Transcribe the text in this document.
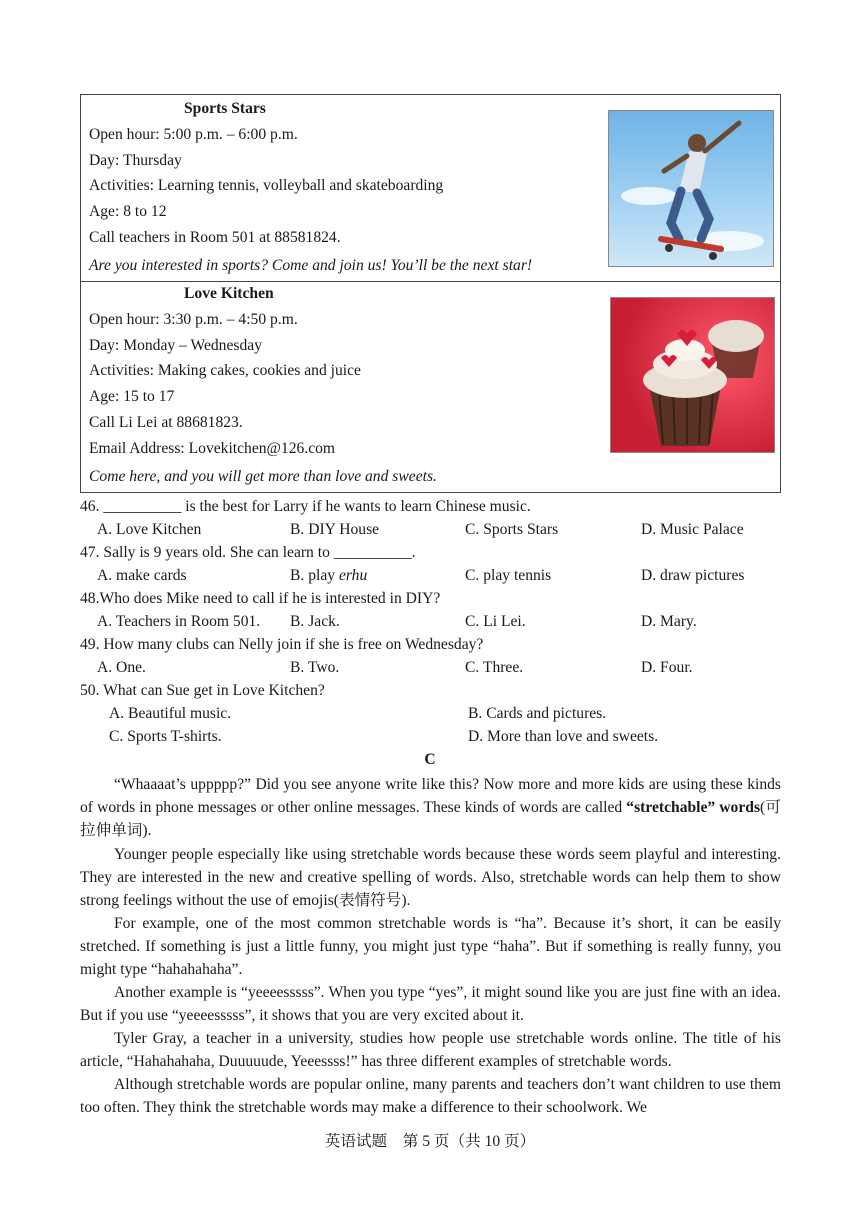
Sports Stars
Open hour: 5:00 p.m. – 6:00 p.m.
Day: Thursday
Activities: Learning tennis, volleyball and skateboarding
Age: 8 to 12
Call teachers in Room 501 at 88581824.
Are you interested in sports? Come and join us! You’ll be the next star!
Love Kitchen
Open hour: 3:30 p.m. – 4:50 p.m.
Day: Monday – Wednesday
Activities: Making cakes, cookies and juice
Age: 15 to 17
Call Li Lei at 88681823.
Email Address: Lovekitchen@126.com
Come here, and you will get more than love and sweets.
46. __________ is the best for Larry if he wants to learn Chinese music.
A. Love Kitchen	B. DIY House	C. Sports Stars	D. Music Palace
47. Sally is 9 years old. She can learn to __________.
A. make cards	B. play erhu	C. play tennis	D. draw pictures
48.Who does Mike need to call if he is interested in DIY?
A. Teachers in Room 501. B. Jack.	C. Li Lei.	D. Mary.
49. How many clubs can Nelly join if she is free on Wednesday?
A. One.	B. Two.	C. Three.	D. Four.
50. What can Sue get in Love Kitchen?
A. Beautiful music.	B. Cards and pictures.
C. Sports T-shirts.	D. More than love and sweets.
C
“Whaaaat’s uppppp?” Did you see anyone write like this? Now more and more kids are using these kinds of words in phone messages or other online messages. These kinds of words are called “stretchable” words(可拉伸单词).
Younger people especially like using stretchable words because these words seem playful and interesting. They are interested in the new and creative spelling of words. Also, stretchable words can help them to show strong feelings without the use of emojis(表情符号).
For example, one of the most common stretchable words is “ha”. Because it’s short, it can be easily stretched. If something is just a little funny, you might just type “haha”. But if something is really funny, you might type “hahahahaha”.
Another example is “yeeeesssss”. When you type “yes”, it might sound like you are just fine with an idea. But if you use “yeeeesssss”, it shows that you are very excited about it.
Tyler Gray, a teacher in a university, studies how people use stretchable words online. The title of his article, “Hahahahaha, Duuuuude, Yeeessss!” has three different examples of stretchable words.
Although stretchable words are popular online, many parents and teachers don’t want children to use them too often. They think the stretchable words may make a difference to their schoolwork. We
英语试题　第 5 页（共 10 页）
